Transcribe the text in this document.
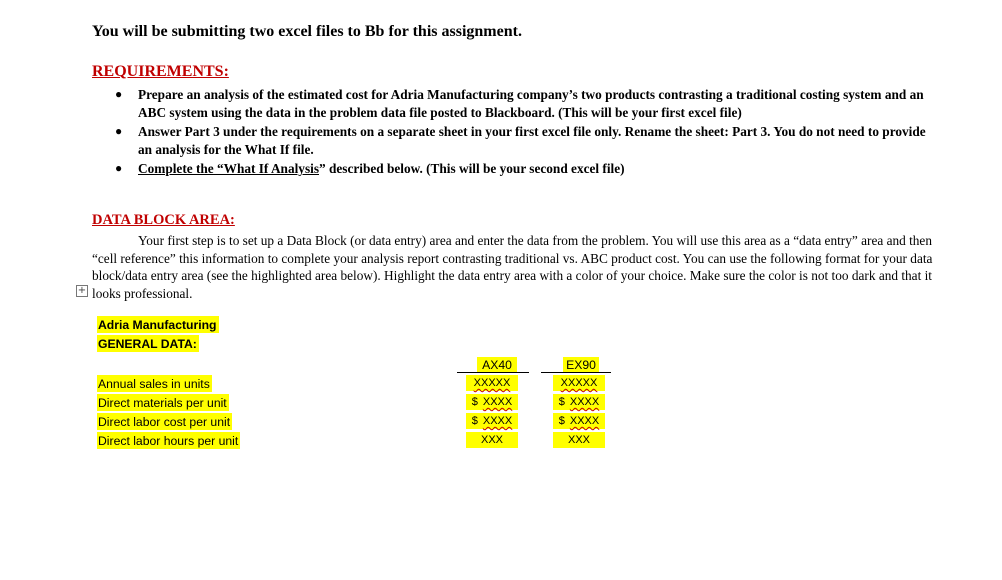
You will be submitting two excel files to Bb for this assignment.

REQUIREMENTS:

● Prepare an analysis of the estimated cost for Adria Manufacturing company’s two products contrasting a traditional costing system and an ABC system using the data in the problem data file posted to Blackboard. (This will be your first excel file)
● Answer Part 3 under the requirements on a separate sheet in your first excel file only. Rename the sheet: Part 3. You do not need to provide an analysis for the What If file.
● Complete the “What If Analysis” described below. (This will be your second excel file)

DATA BLOCK AREA:

Your first step is to set up a Data Block (or data entry) area and enter the data from the problem. You will use this area as a “data entry” area and then “cell reference” this information to complete your analysis report contrasting traditional vs. ABC product cost. You can use the following format for your data block/data entry area (see the highlighted area below). Highlight the data entry area with a color of your choice. Make sure the color is not too dark and that it looks professional.

+
Adria Manufacturing
GENERAL DATA:
AX40	EX90
Annual sales in units
Direct materials per unit
Direct labor cost per unit
Direct labor hours per unit
XXXXX
$ XXXX
$ XXXX
XXX
XXXXX
$ XXXX
$ XXXX
XXX
